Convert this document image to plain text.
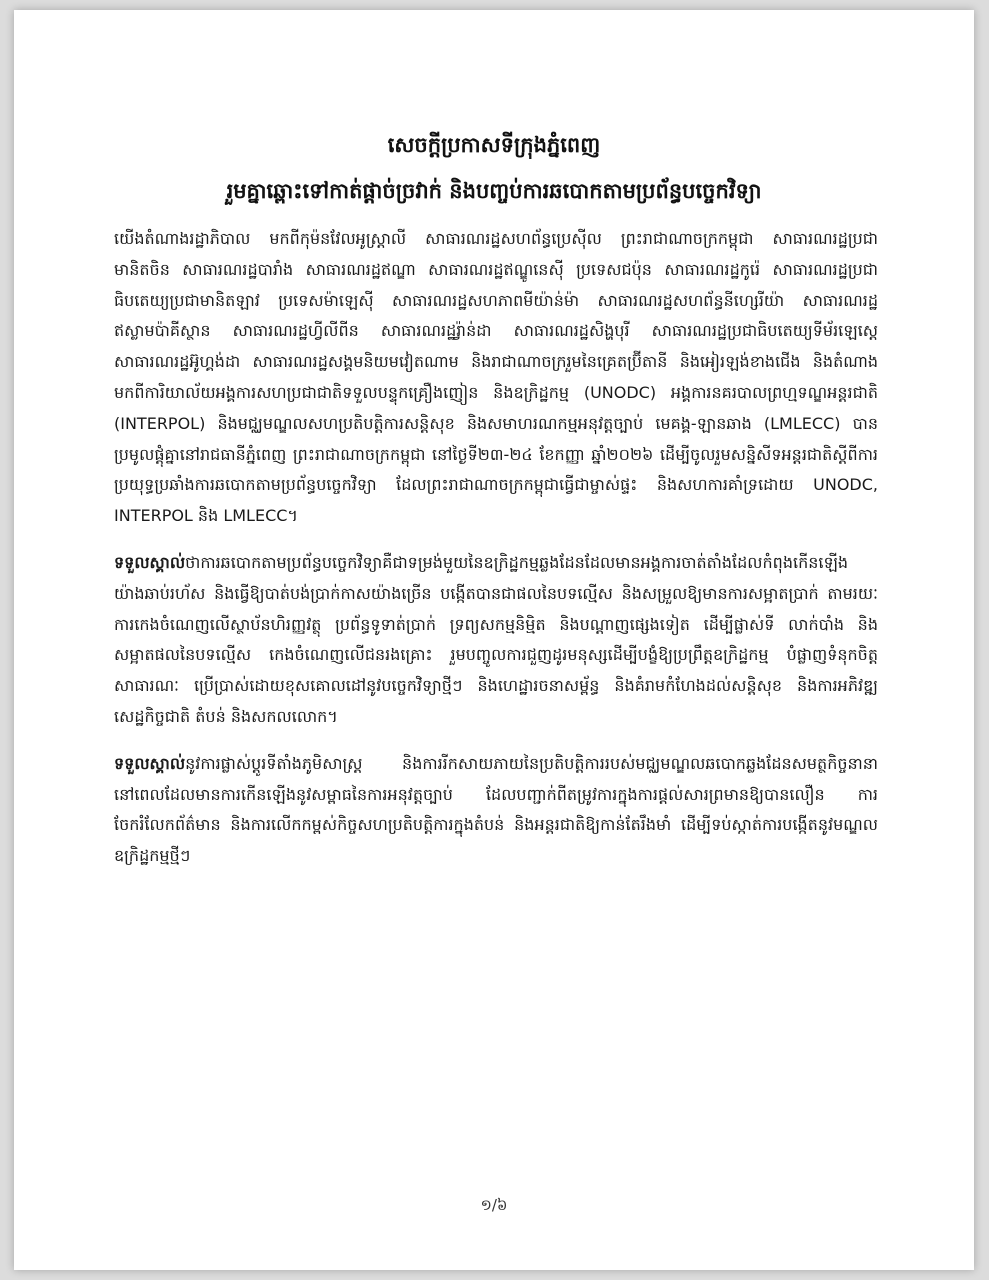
សេចក្ដីប្រកាសទីក្រុងភ្នំពេញ

រួមគ្នាឆ្ពោះទៅកាត់ផ្ដាច់ច្រវាក់ និងបញ្ចប់ការឆបោកតាមប្រព័ន្ធបច្ចេកវិទ្យា

យើងតំណាងរដ្ឋាភិបាល មកពីកុម៉នវែលអូស្ត្រាលី សាធារណរដ្ឋសហព័ន្ធប្រេស៊ីល ព្រះរាជាណាចក្រកម្ពុជា សាធារណរដ្ឋប្រជាមានិតចិន សាធារណរដ្ឋបារាំង សាធារណរដ្ឋឥណ្ឌា សាធារណរដ្ឋឥណ្ឌូនេស៊ី ប្រទេសជប៉ុន សាធារណរដ្ឋកូរ៉េ សាធារណរដ្ឋប្រជាធិបតេយ្យប្រជាមានិតឡាវ ប្រទេសម៉ាឡេស៊ី សាធារណរដ្ឋសហភាពមីយ៉ាន់ម៉ា សាធារណរដ្ឋសហព័ន្ធនីហ្សេរីយ៉ា សាធារណរដ្ឋឥស្លាមប៉ាគីស្ថាន សាធារណរដ្ឋហ្វីលីពីន សាធារណរដ្ឋរ៉្វាន់ដា សាធារណរដ្ឋសិង្ហបុរី សាធារណរដ្ឋប្រជាធិបតេយ្យទីម័រឡេស្តេ សាធារណរដ្ឋអ៊ូហ្គង់ដា សាធារណរដ្ឋសង្គមនិយមវៀតណាម និងរាជាណាចក្ររួមនៃគ្រេតប៊្រីតានី និងអៀរឡង់ខាងជើង និងតំណាងមកពីការិយាល័យអង្គការសហប្រជាជាតិទទួលបន្ទុកគ្រឿងញៀន និងឧក្រិដ្ឋកម្ម (UNODC) អង្គការនគរបាលព្រហ្មទណ្ឌអន្តរជាតិ (INTERPOL) និងមជ្ឈមណ្ឌលសហប្រតិបត្តិការសន្តិសុខ និងសមាហរណកម្មអនុវត្តច្បាប់ មេគង្គ-ឡានឆាង (LMLECC) បានប្រមូលផ្ដុំគ្នានៅរាជធានីភ្នំពេញ ព្រះរាជាណាចក្រកម្ពុជា នៅថ្ងៃទី២៣-២៤ ខែកញ្ញា ឆ្នាំ២០២៦ ដើម្បីចូលរួមសន្និសីទអន្តរជាតិស្ដីពីការប្រយុទ្ធប្រឆាំងការឆបោកតាមប្រព័ន្ធបច្ចេកវិទ្យា ដែលព្រះរាជាណាចក្រកម្ពុជាធ្វើជាម្ចាស់ផ្ទះ និងសហការគាំទ្រដោយ UNODC, INTERPOL និង LMLECC។

ទទួលស្គាល់ថាការឆបោកតាមប្រព័ន្ធបច្ចេកវិទ្យាគឺជាទម្រង់មួយនៃឧក្រិដ្ឋកម្មឆ្លងដែនដែលមានអង្គការចាត់តាំងដែលកំពុងកើនឡើងយ៉ាងឆាប់រហ័ស និងធ្វើឱ្យបាត់បង់ប្រាក់កាសយ៉ាងច្រើន បង្កើតបានជាផលនៃបទល្មើស និងសម្រួលឱ្យមានការសម្អាតប្រាក់ តាមរយៈការកេងចំណេញលើស្ថាប័នហិរញ្ញវត្ថុ ប្រព័ន្ធទូទាត់ប្រាក់ ទ្រព្យសកម្មនិម្មិត និងបណ្ដាញផ្សេងទៀត ដើម្បីផ្លាស់ទី លាក់បាំង និងសម្អាតផលនៃបទល្មើស កេងចំណេញលើជនរងគ្រោះ រួមបញ្ចូលការជួញដូរមនុស្សដើម្បីបង្ខំឱ្យប្រព្រឹត្តឧក្រិដ្ឋកម្ម បំផ្លាញទំនុកចិត្តសាធារណៈ ប្រើប្រាស់ដោយខុសគោលដៅនូវបច្ចេកវិទ្យាថ្មីៗ និងហេដ្ឋារចនាសម្ព័ន្ធ និងគំរាមកំហែងដល់សន្តិសុខ និងការអភិវឌ្ឍសេដ្ឋកិច្ចជាតិ តំបន់ និងសកលលោក។

ទទួលស្គាល់នូវការផ្លាស់ប្ដូរទីតាំងភូមិសាស្ត្រ និងការរីកសាយភាយនៃប្រតិបត្តិការរបស់មជ្ឈមណ្ឌលឆបោកឆ្លងដែនសមត្ថកិច្ចនានា នៅពេលដែលមានការកើនឡើងនូវសម្ពាធនៃការអនុវត្តច្បាប់ ដែលបញ្ជាក់ពីតម្រូវការក្នុងការផ្ដល់សារព្រមានឱ្យបានលឿន ការចែករំលែកព័ត៌មាន និងការលើកកម្ពស់កិច្ចសហប្រតិបត្តិការក្នុងតំបន់ និងអន្តរជាតិឱ្យកាន់តែរឹងមាំ ដើម្បីទប់ស្កាត់ការបង្កើតនូវមណ្ឌលឧក្រិដ្ឋកម្មថ្មីៗ

១/៦
